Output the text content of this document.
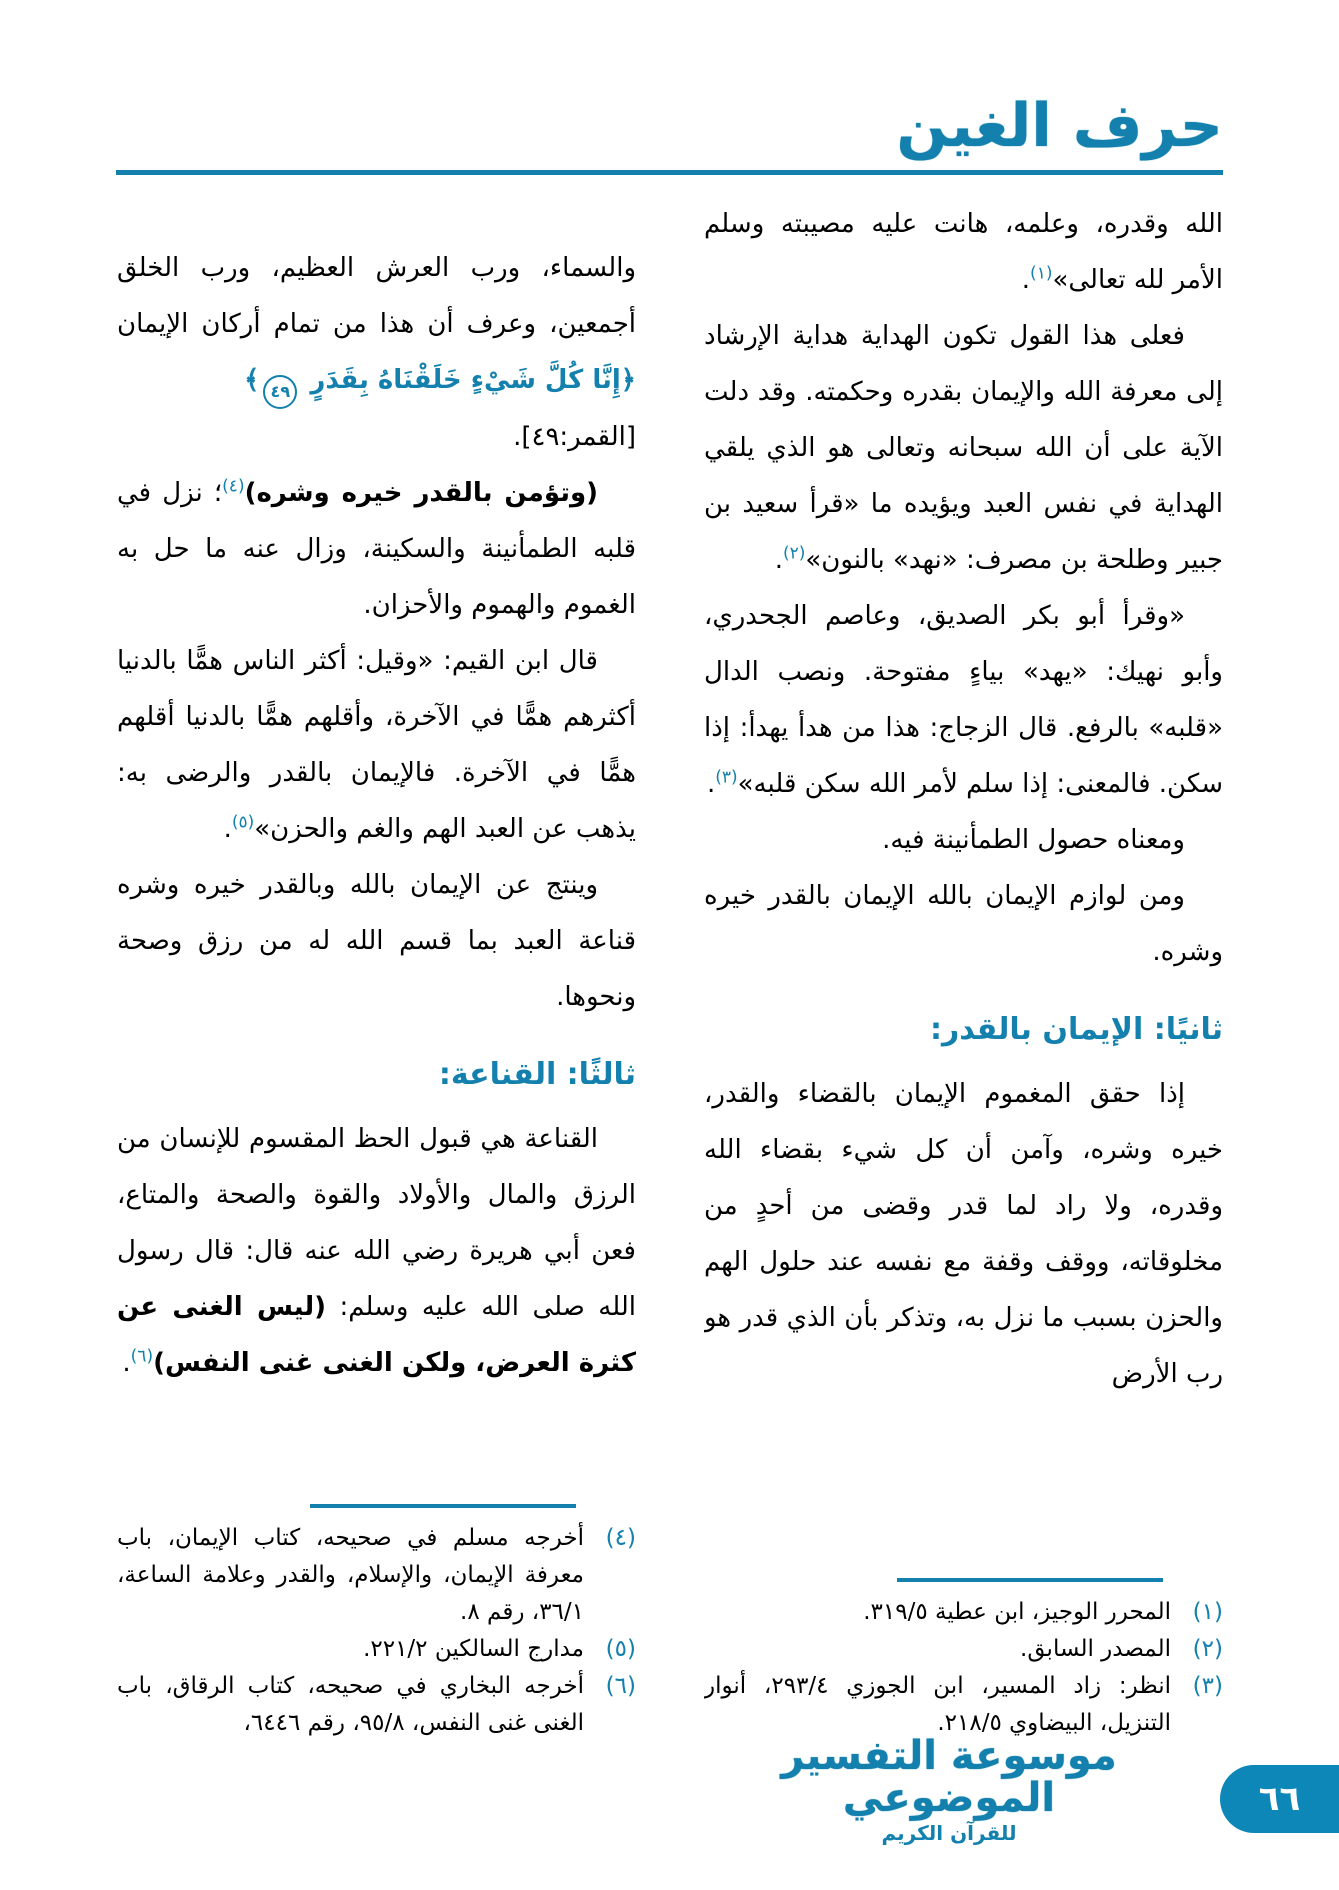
حرف الغين

الله وقدره، وعلمه، هانت عليه مصيبته وسلم الأمر لله تعالى»$^{(١)}$.

فعلى هذا القول تكون الهداية هداية الإرشاد إلى معرفة الله والإيمان بقدره وحكمته. وقد دلت الآية على أن الله سبحانه وتعالى هو الذي يلقي الهداية في نفس العبد ويؤيده ما «قرأ سعيد بن جبير وطلحة بن مصرف: «نهد» بالنون»$^{(٢)}$.

«وقرأ أبو بكر الصديق، وعاصم الجحدري، وأبو نهيك: «يهد» بياءٍ مفتوحة. ونصب الدال «قلبه» بالرفع. قال الزجاج: هذا من هدأ يهدأ: إذا سكن. فالمعنى: إذا سلم لأمر الله سكن قلبه»$^{(٣)}$.

ومعناه حصول الطمأنينة فيه.

ومن لوازم الإيمان بالله الإيمان بالقدر خيره وشره.

ثانيًا: الإيمان بالقدر:

إذا حقق المغموم الإيمان بالقضاء والقدر، خيره وشره، وآمن أن كل شيء بقضاء الله وقدره، ولا راد لما قدر وقضى من أحدٍ من مخلوقاته، ووقف وقفة مع نفسه عند حلول الهم والحزن بسبب ما نزل به، وتذكر بأن الذي قدر هو رب الأرض

(١)

المحرر الوجيز، ابن عطية ٣١٩/٥.

(٢)

المصدر السابق.

(٣)

انظر: زاد المسير، ابن الجوزي ٢٩٣/٤، أنوار التنزيل، البيضاوي ٢١٨/٥.

والسماء، ورب العرش العظيم، ورب الخلق أجمعين، وعرف أن هذا من تمام أركان الإيمان ﴿إِنَّا كُلَّ شَيْءٍ خَلَقْنَاهُ بِقَدَرٍ ٤٩﴾

[القمر:٤٩].

(وتؤمن بالقدر خيره وشره)$^{(٤)}$؛ نزل في قلبه الطمأنينة والسكينة، وزال عنه ما حل به الغموم والهموم والأحزان.

قال ابن القيم: «وقيل: أكثر الناس همًّا بالدنيا أكثرهم همًّا في الآخرة، وأقلهم همًّا بالدنيا أقلهم همًّا في الآخرة. فالإيمان بالقدر والرضى به: يذهب عن العبد الهم والغم والحزن»$^{(٥)}$.

وينتج عن الإيمان بالله وبالقدر خيره وشره قناعة العبد بما قسم الله له من رزق وصحة ونحوها.

ثالثًا: القناعة:

القناعة هي قبول الحظ المقسوم للإنسان من الرزق والمال والأولاد والقوة والصحة والمتاع، فعن أبي هريرة رضي الله عنه قال: قال رسول الله صلى الله عليه وسلم: (ليس الغنى عن كثرة العرض، ولكن الغنى غنى النفس)$^{(٦)}$.

(٤)

أخرجه مسلم في صحيحه، كتاب الإيمان، باب معرفة الإيمان، والإسلام، والقدر وعلامة الساعة، ٣٦/١، رقم ٨.

(٥)

مدارج السالكين ٢٢١/٢.

(٦)

أخرجه البخاري في صحيحه، كتاب الرقاق، باب الغنى غنى النفس، ٩٥/٨، رقم ٦٤٤٦،

موسوعة التفسير الموضوعي
للقرآن الكريم
٦٦
